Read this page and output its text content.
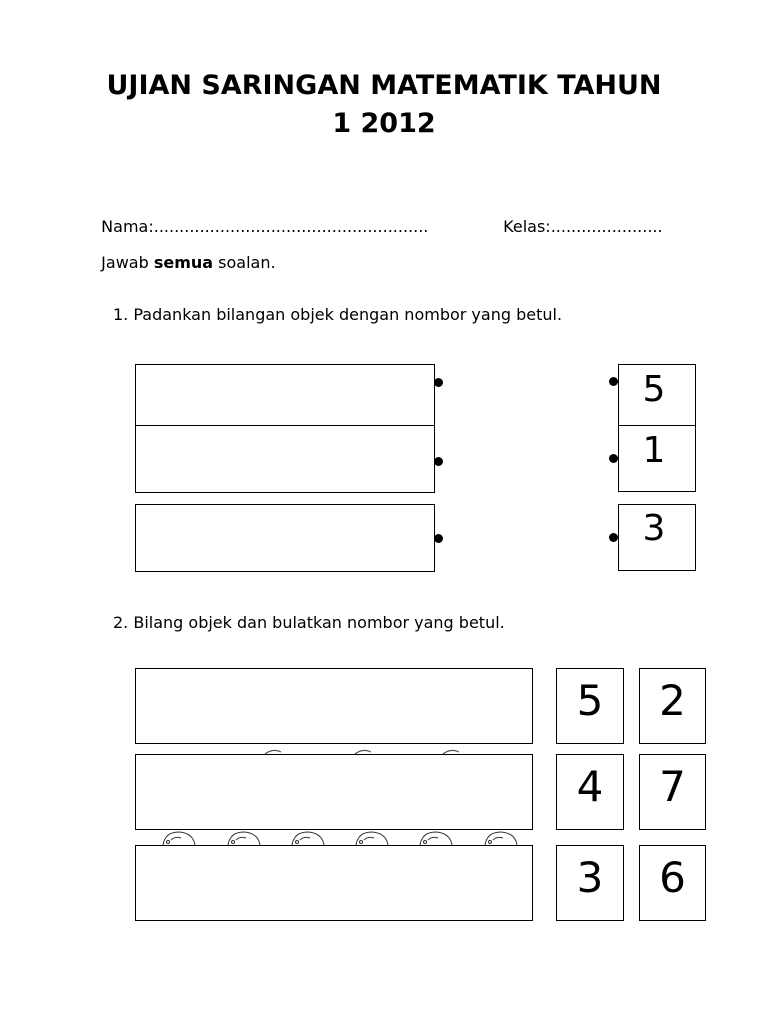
UJIAN SARINGAN MATEMATIK TAHUN
1 2012

Nama:......................................................	Kelas:......................

Jawab semua soalan.

1. Padankan bilangan objek dengan nombor yang betul.
5
1
3
2. Bilang objek dan bulatkan nombor yang betul.
5	2
4	7
3	6
